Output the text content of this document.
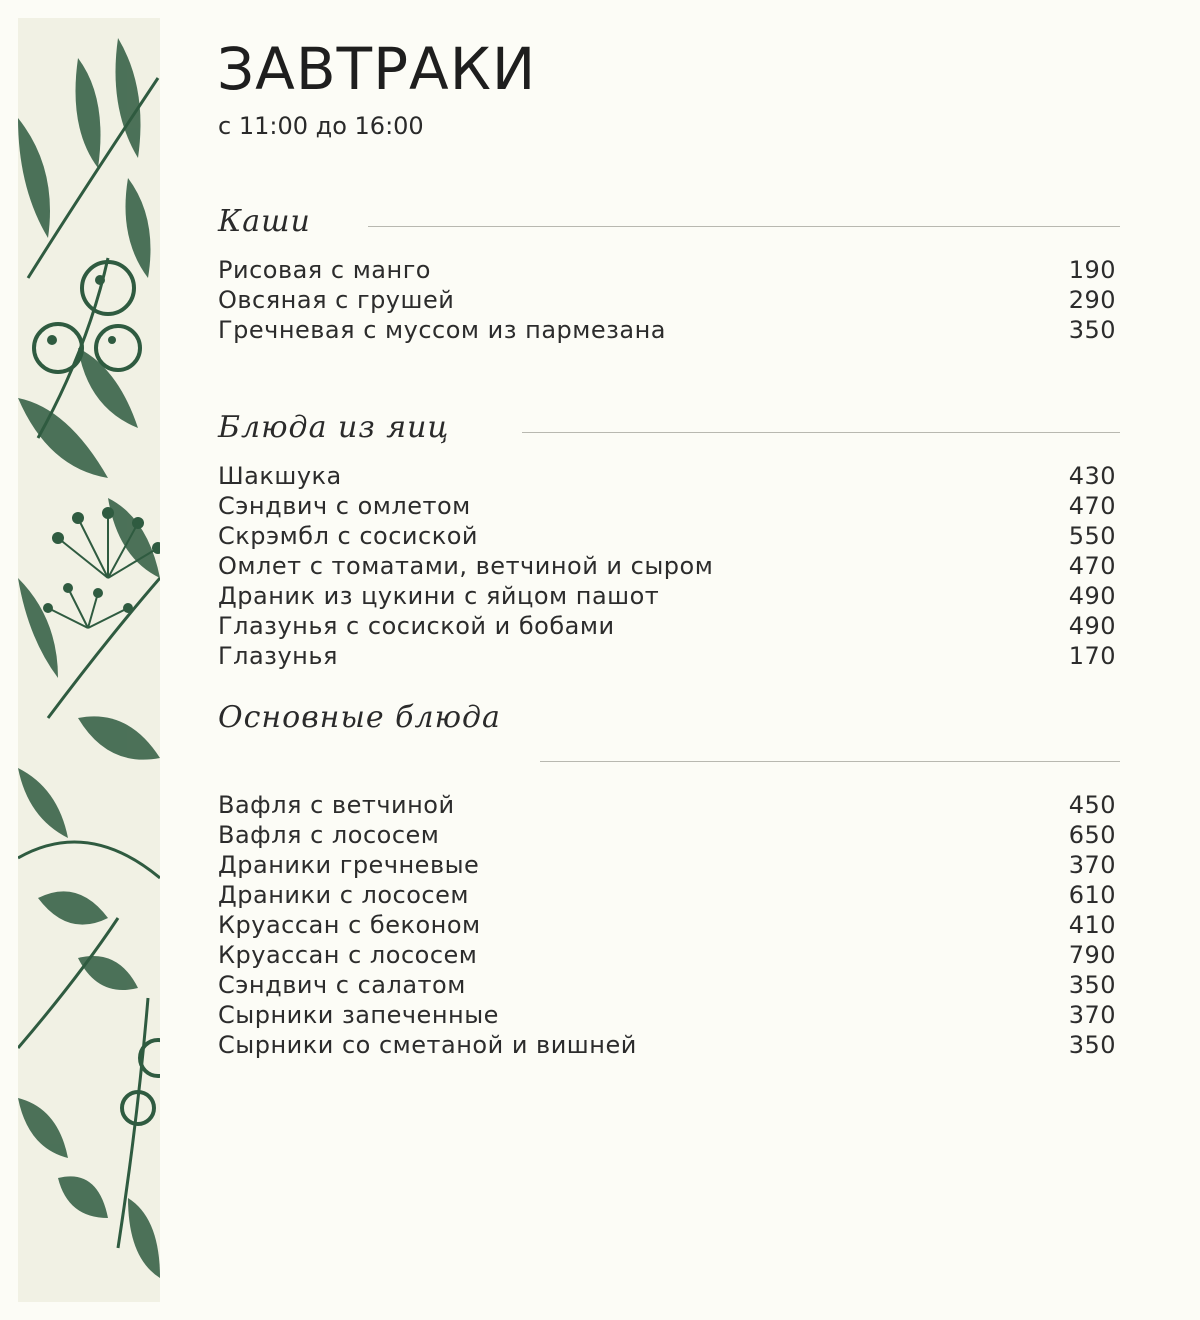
ЗАВТРАКИ
с 11:00 до 16:00
Каши
Рисовая с манго	190
Овсяная с грушей	290
Гречневая с муссом из пармезана	350
Блюда из яиц
Шакшука	430
Сэндвич с омлетом	470
Скрэмбл с сосиской	550
Омлет с томатами, ветчиной и сыром	470
Драник из цукини с яйцом пашот	490
Глазунья с сосиской и бобами	490
Глазунья	170
Основные блюда
Вафля с ветчиной	450
Вафля с лососем	650
Драники гречневые	370
Драники с лососем	610
Круассан с беконом	410
Круассан с лососем	790
Сэндвич с салатом	350
Сырники запеченные	370
Сырники со сметаной и вишней	350
